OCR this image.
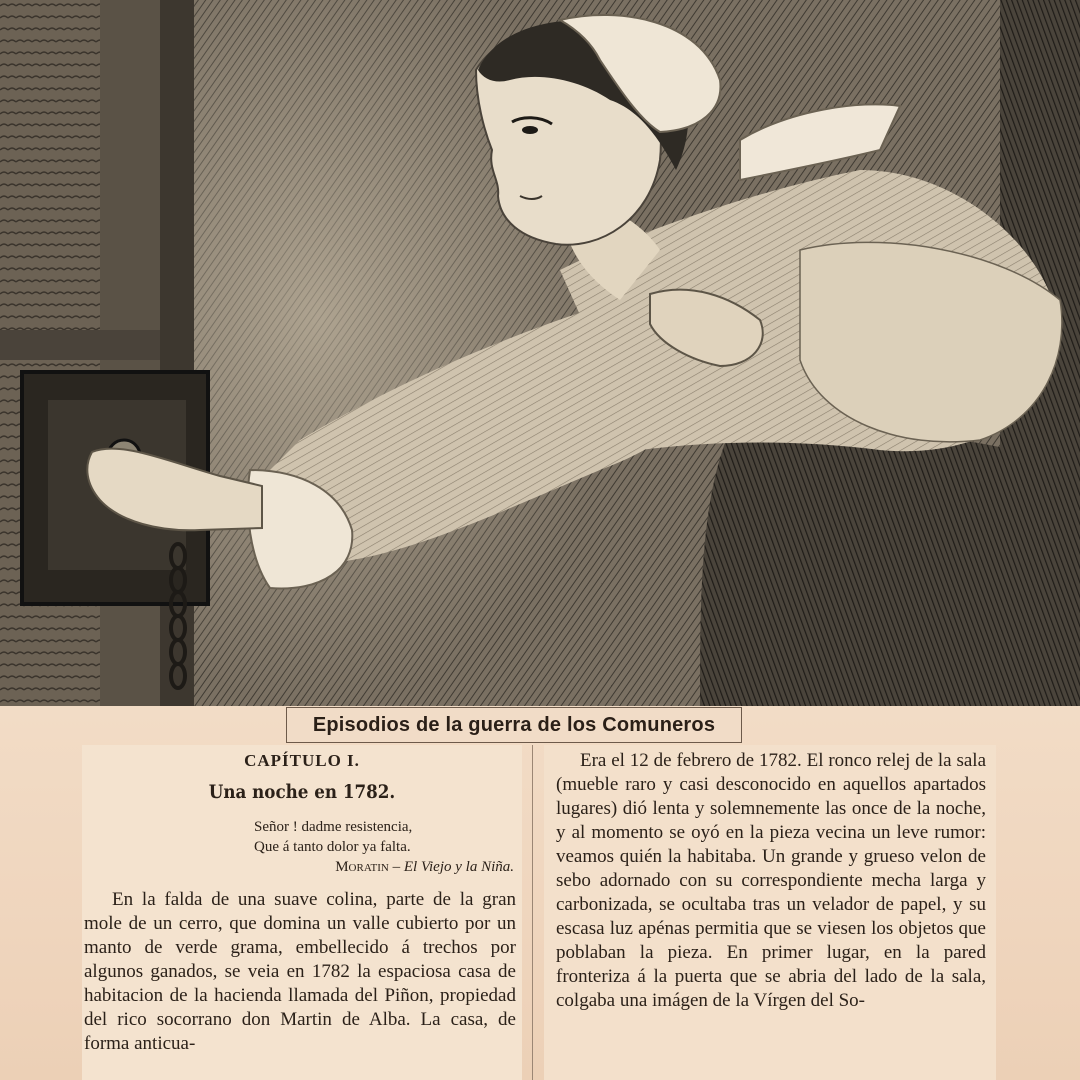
Episodios de la guerra de los Comuneros
CAPÍTULO I.
Una noche en 1782.
Señor ! dadme resistencia,
Que á tanto dolor ya falta.
Moratin – El Viejo y la Niña.

En la falda de una suave colina, parte de la gran mole de un cerro, que domina un valle cubierto por un manto de verde grama, embellecido á trechos por algunos ganados, se veia en 1782 la espaciosa casa de habitacion de la hacienda llamada del Piñon, propiedad del rico socorrano don Martin de Alba. La casa, de forma anticua-

Era el 12 de febrero de 1782. El ronco relej de la sala (mueble raro y casi desconocido en aquellos apartados lugares) dió lenta y solemnemente las once de la noche, y al momento se oyó en la pieza vecina un leve rumor: veamos quién la habitaba. Un grande y grueso velon de sebo adornado con su correspondiente mecha larga y carbonizada, se ocultaba tras un velador de papel, y su escasa luz apénas permitia que se viesen los objetos que poblaban la pieza. En primer lugar, en la pared fronteriza á la puerta que se abria del lado de la sala, colgaba una imágen de la Vírgen del So-
